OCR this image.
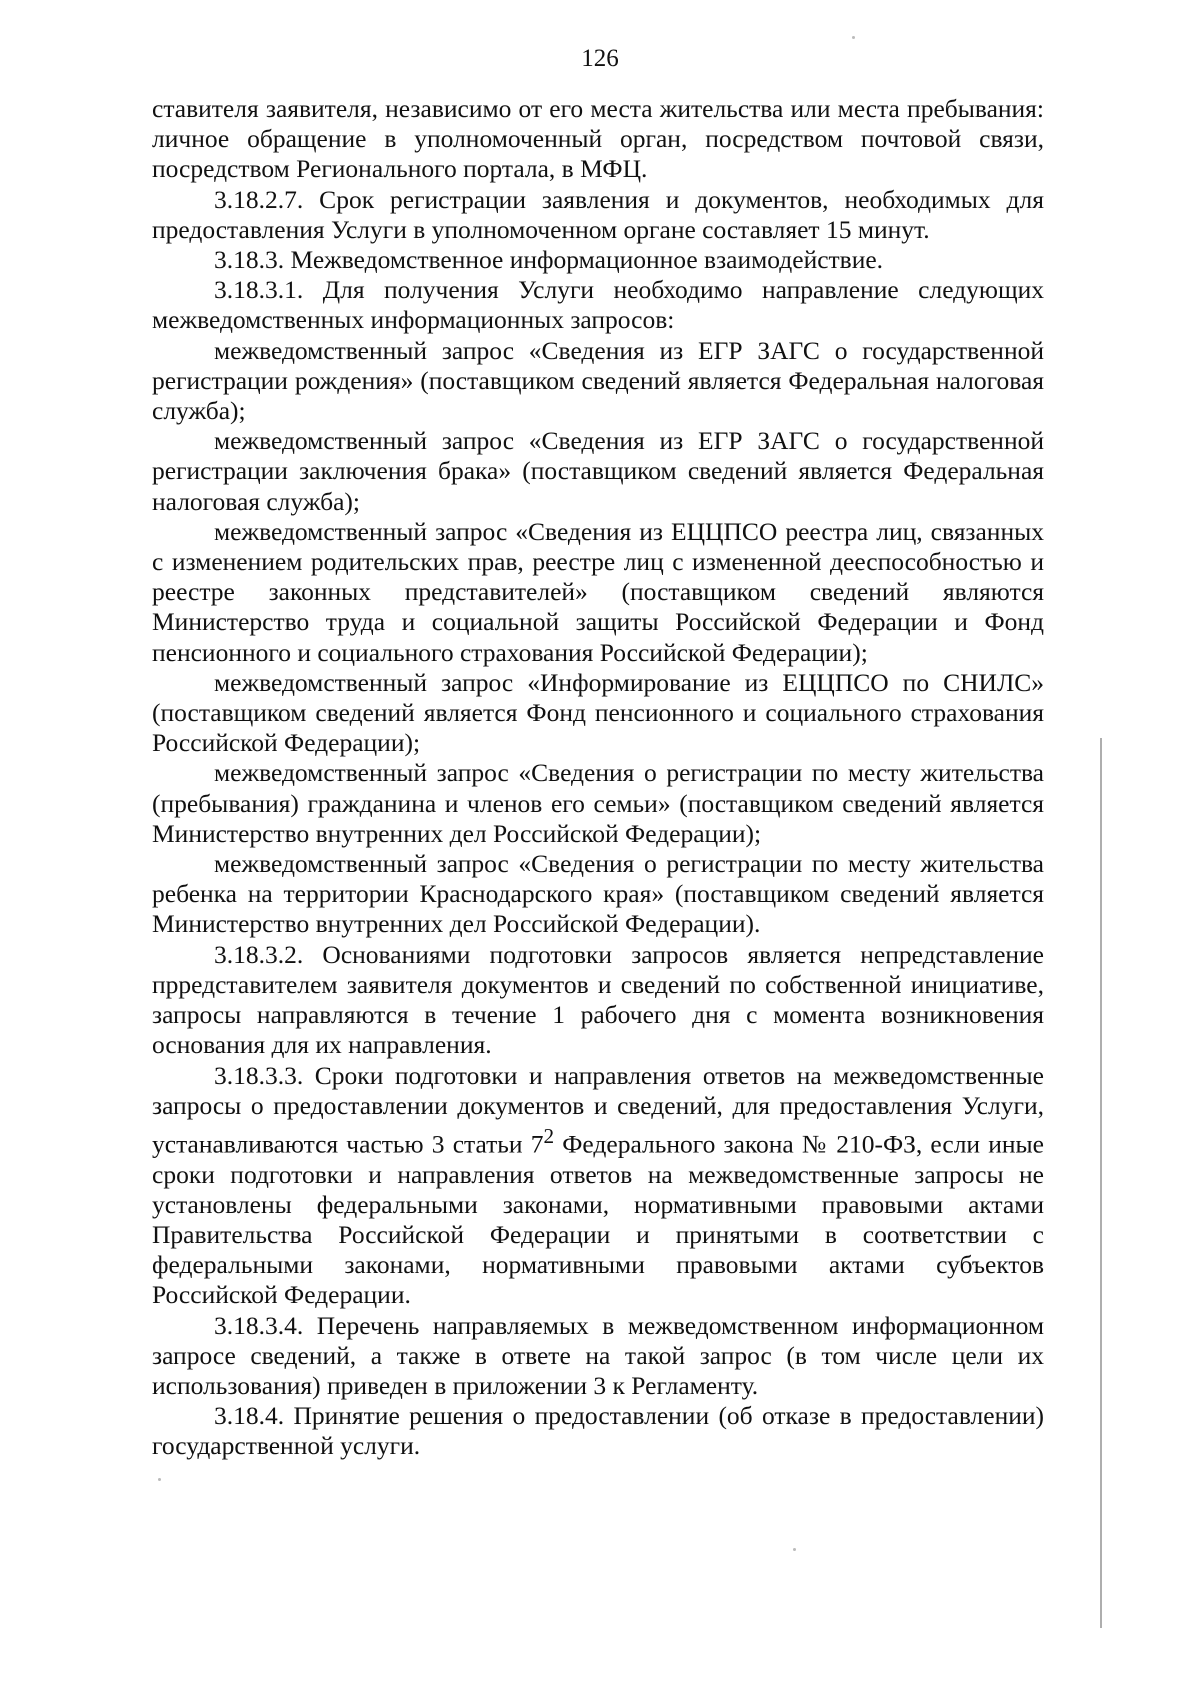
126

ставителя заявителя, независимо от его места жительства или места пребывания: личное обращение в уполномоченный орган, посредством почтовой связи, посредством Регионального портала, в МФЦ.

3.18.2.7. Срок регистрации заявления и документов, необходимых для предоставления Услуги в уполномоченном органе составляет 15 минут.

3.18.3. Межведомственное информационное взаимодействие.

3.18.3.1. Для получения Услуги необходимо направление следующих межведомственных информационных запросов:

межведомственный запрос «Сведения из ЕГР ЗАГС о государственной регистрации рождения» (поставщиком сведений является Федеральная налоговая служба);

межведомственный запрос «Сведения из ЕГР ЗАГС о государственной регистрации заключения брака» (поставщиком сведений является Федеральная налоговая служба);

межведомственный запрос «Сведения из ЕЦЦПСО реестра лиц, связанных с изменением родительских прав, реестре лиц с измененной дееспособностью и реестре законных представителей» (поставщиком сведений являются Министерство труда и социальной защиты Российской Федерации и Фонд пенсионного и социального страхования Российской Федерации);

межведомственный запрос «Информирование из ЕЦЦПСО по СНИЛС» (поставщиком сведений является Фонд пенсионного и социального страхования Российской Федерации);

межведомственный запрос «Сведения о регистрации по месту жительства (пребывания) гражданина и членов его семьи» (поставщиком сведений является Министерство внутренних дел Российской Федерации);

межведомственный запрос «Сведения о регистрации по месту жительства ребенка на территории Краснодарского края» (поставщиком сведений является Министерство внутренних дел Российской Федерации).

3.18.3.2. Основаниями подготовки запросов является непредставление прредставителем заявителя документов и сведений по собственной инициативе, запросы направляются в течение 1 рабочего дня с момента возникновения основания для их направления.

3.18.3.3. Сроки подготовки и направления ответов на межведомственные запросы о предоставлении документов и сведений, для предоставления Услуги, устанавливаются частью 3 статьи $7^2$ Федерального закона № 210-ФЗ, если иные сроки подготовки и направления ответов на межведомственные запросы не установлены федеральными законами, нормативными правовыми актами Правительства Российской Федерации и принятыми в соответствии с федеральными законами, нормативными правовыми актами субъектов Российской Федерации.

3.18.3.4. Перечень направляемых в межведомственном информационном запросе сведений, а также в ответе на такой запрос (в том числе цели их использования) приведен в приложении 3 к Регламенту.

3.18.4. Принятие решения о предоставлении (об отказе в предоставлении) государственной услуги.
